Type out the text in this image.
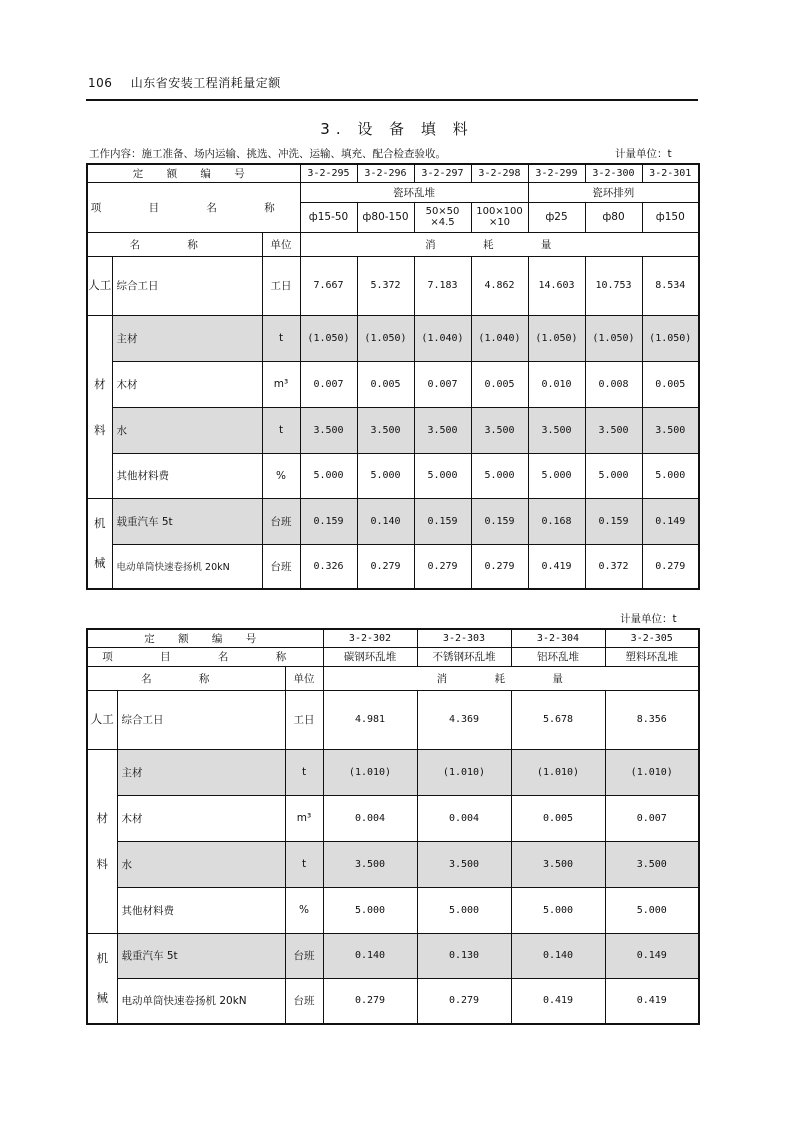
106 山东省安装工程消耗量定额
3. 设 备 填 料
工作内容：施工准备、场内运输、挑选、冲洗、运输、填充、配合检查验收。	计量单位：t
定 额 编 号			3-2-295	3-2-296	3-2-297	3-2-298	3-2-299	3-2-300	3-2-301
项 目 名 称			瓷环乱堆				瓷环排列		
			ф15-50	ф80-150	50×50 ×4.5	100×100 ×10	ф25	ф80	ф150
名 称		单位	消 耗 量						
人工	综合工日	工日	7.667	5.372	7.183	4.862	14.603	10.753	8.534

材
料	主材	t	(1.050)	(1.050)	(1.040)	(1.040)	(1.050)	(1.050)	(1.050)
	木材	m³	0.007	0.005	0.007	0.005	0.010	0.008	0.005
	水	t	3.500	3.500	3.500	3.500	3.500	3.500	3.500
	其他材料费	%	5.000	5.000	5.000	5.000	5.000	5.000	5.000

机
械	载重汽车 5t	台班	0.159	0.140	0.159	0.159	0.168	0.159	0.149
	电动单筒快速卷扬机 20kN	台班	0.326	0.279	0.279	0.279	0.419	0.372	0.279
计量单位：t
定 额 编 号			3-2-302	3-2-303	3-2-304	3-2-305
项 目 名 称			碳钢环乱堆	不锈钢环乱堆	铝环乱堆	塑料环乱堆
名 称		单位	消 耗 量			
人工	综合工日	工日	4.981	4.369	5.678	8.356

材
料	主材	t	(1.010)	(1.010)	(1.010)	(1.010)
	木材	m³	0.004	0.004	0.005	0.007
	水	t	3.500	3.500	3.500	3.500
	其他材料费	%	5.000	5.000	5.000	5.000

机
械	载重汽车 5t	台班	0.140	0.130	0.140	0.149
	电动单筒快速卷扬机 20kN	台班	0.279	0.279	0.419	0.419
